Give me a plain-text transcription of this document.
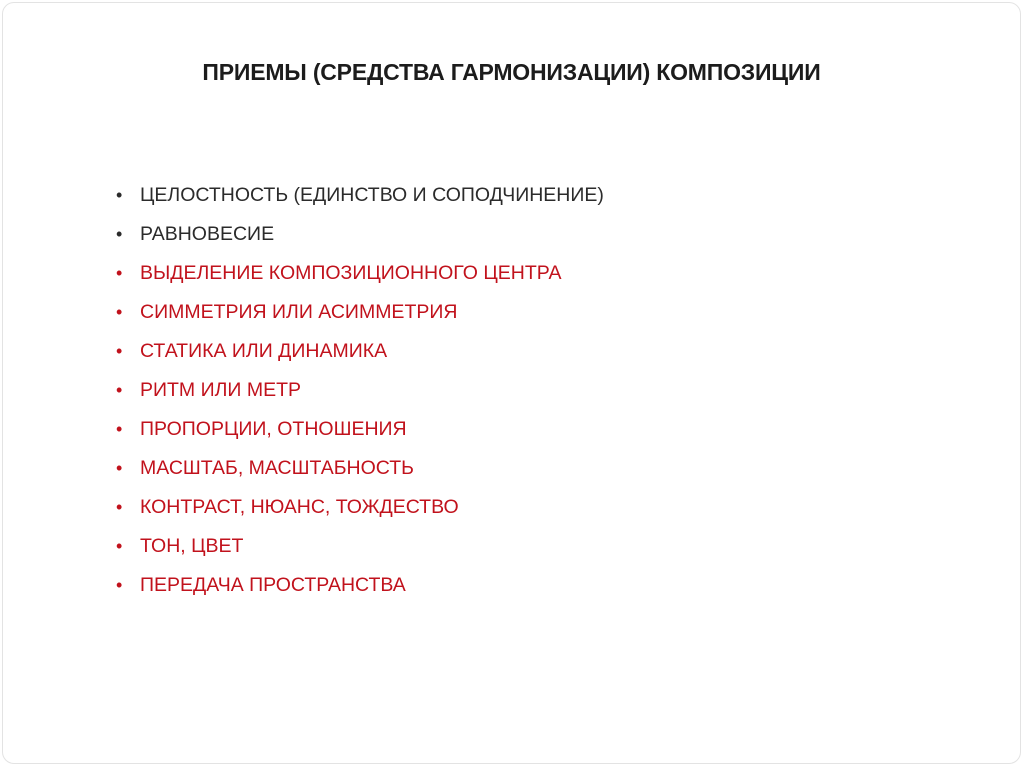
ПРИЕМЫ (СРЕДСТВА ГАРМОНИЗАЦИИ) КОМПОЗИЦИИ
• ЦЕЛОСТНОСТЬ (ЕДИНСТВО И СОПОДЧИНЕНИЕ)
• РАВНОВЕСИЕ
• ВЫДЕЛЕНИЕ КОМПОЗИЦИОННОГО ЦЕНТРА
• СИММЕТРИЯ ИЛИ АСИММЕТРИЯ
• СТАТИКА ИЛИ ДИНАМИКА
• РИТМ ИЛИ МЕТР
• ПРОПОРЦИИ, ОТНОШЕНИЯ
• МАСШТАБ, МАСШТАБНОСТЬ
• КОНТРАСТ, НЮАНС, ТОЖДЕСТВО
• ТОН, ЦВЕТ
• ПЕРЕДАЧА ПРОСТРАНСТВА
